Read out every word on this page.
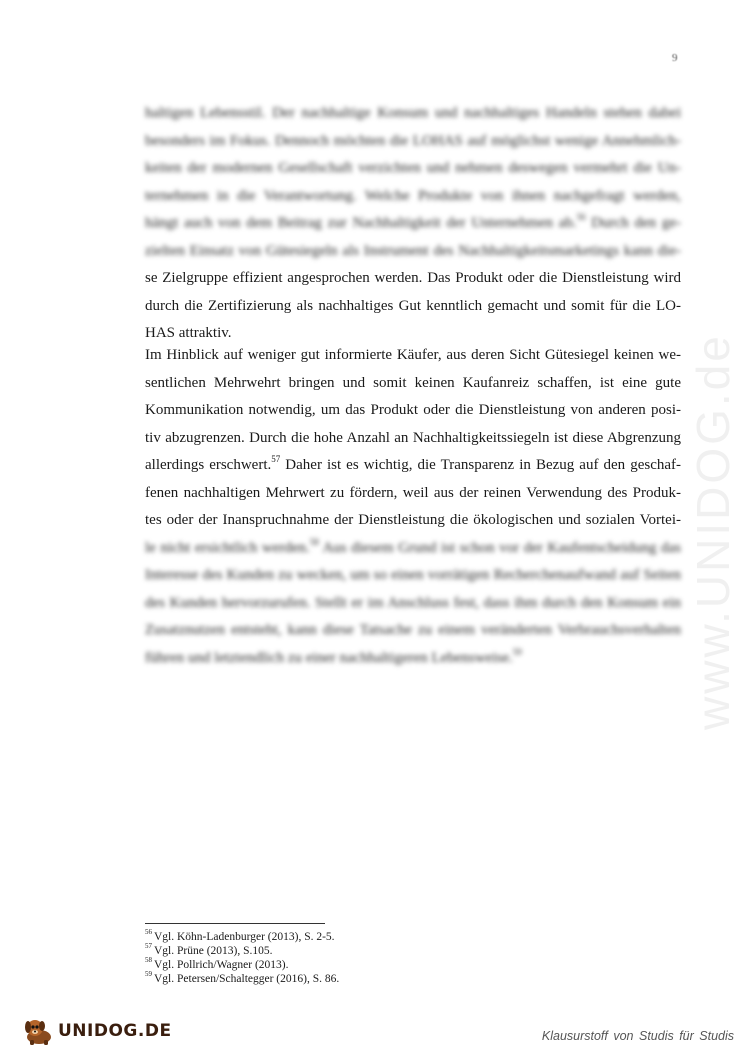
9
haltigen Lebensstil. Der nachhaltige Konsum und nachhaltiges Handeln stehen dabei
besonders im Fokus. Dennoch möchten die LOHAS auf möglichst wenige Annehmlich-
keiten der modernen Gesellschaft verzichten und nehmen deswegen vermehrt die Un-
ternehmen in die Verantwortung. Welche Produkte von ihnen nachgefragt werden,
hängt auch von dem Beitrag zur Nachhaltigkeit der Unternehmen ab.$^{56}$ Durch den ge-
zielten Einsatz von Gütesiegeln als Instrument des Nachhaltigkeitsmarketings kann die-
se Zielgruppe effizient angesprochen werden. Das Produkt oder die Dienstleistung wird
durch die Zertifizierung als nachhaltiges Gut kenntlich gemacht und somit für die LO-
HAS attraktiv.
Im Hinblick auf weniger gut informierte Käufer, aus deren Sicht Gütesiegel keinen we-
sentlichen Mehrwehrt bringen und somit keinen Kaufanreiz schaffen, ist eine gute
Kommunikation notwendig, um das Produkt oder die Dienstleistung von anderen posi-
tiv abzugrenzen. Durch die hohe Anzahl an Nachhaltigkeitssiegeln ist diese Abgrenzung
allerdings erschwert.$^{57}$ Daher ist es wichtig, die Transparenz in Bezug auf den geschaf-
fenen nachhaltigen Mehrwert zu fördern, weil aus der reinen Verwendung des Produk-
tes oder der Inanspruchnahme der Dienstleistung die ökologischen und sozialen Vortei-
le nicht ersichtlich werden.$^{58}$ Aus diesem Grund ist schon vor der Kaufentscheidung das
Interesse des Kunden zu wecken, um so einen vorrätigen Recherchenaufwand auf Seiten
des Kunden hervorzurufen. Stellt er im Anschluss fest, dass ihm durch den Konsum ein
Zusatznutzen entsteht, kann diese Tatsache zu einem veränderten Verbrauchsverhalten
führen und letztendlich zu einer nachhaltigeren Lebensweise.$^{59}$	www.UNIDOG.de
$^{56}$ Vgl. Köhn-Ladenburger (2013), S. 2-5.
$^{57}$ Vgl. Prüne (2013), S.105.
$^{58}$ Vgl. Pollrich/Wagner (2013).
$^{59}$ Vgl. Petersen/Schaltegger (2016), S. 86.
UNIDOG.DE	Klausurstoff von Studis für Studis
